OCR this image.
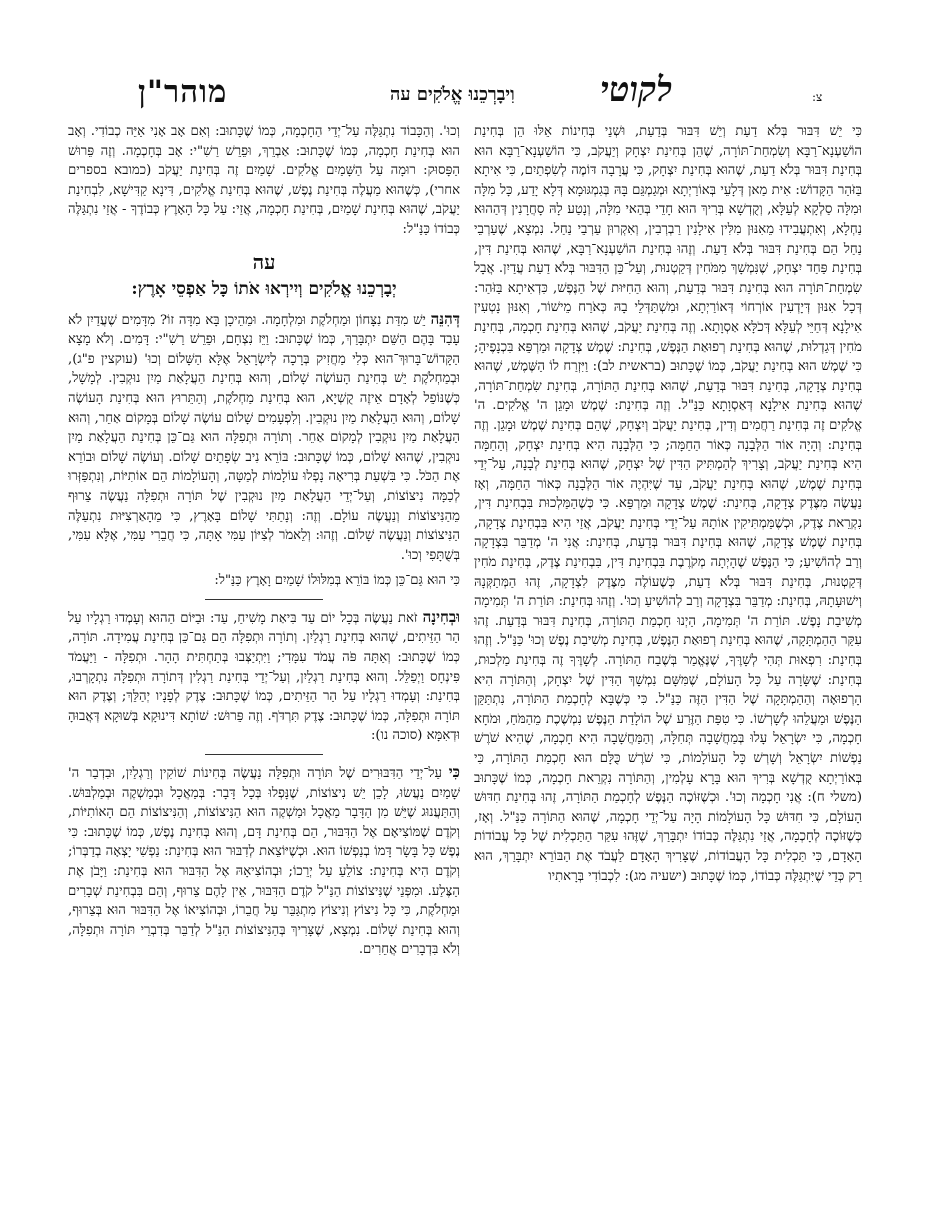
לקוטי	צ:
וִיבָרְכֵנוּ אֱלֹקִים עה
מוהר"ן

כִּי יֵשׁ דִּבּוּר בְּלֹא דַעַת וְיֵשׁ דִּבּוּר בְּדַעַת, וּשְׁנֵי בְּחִינוֹת אֵלּוּ הֵן בְּחִינַת הוֹשַׁעְנָא־רַבָּא וְשִׂמְחַת־תּוֹרָה, שֶׁהֵן בְּחִינַת יִצְחָק וְיַעֲקֹב, כִּי הוֹשַׁעְנָא־רַבָּא הוּא בְּחִינַת דִּבּוּר בְּלֹא דַעַת, שֶׁהוּא בְּחִינַת יִצְחָק, כִּי עֲרָבָה דּוֹמֶה לְשִׂפְתַיִם, כִּי אִיתָא בַּזֹּהַר הַקָּדוֹשׁ: אִית מַאן דְּלָעֵי בְּאוֹרַיְתָא וּמְגַמְגֵּם בָּהּ בְּגִמְגּוּמָא דְּלָא יָדַע, כָּל מִלָּה וּמִלָּה סַלְקָא לְעֵלָּא, וְקֻדְשָׁא בְּרִיךְ הוּא חָדֵי בְּהַאי מִלָּה, וְנָטַע לָהּ סָחֲרָנִין דְּהַהוּא נַחְלָא, וְאִתְעֲבִידוּ מֵאִנּוּן מִלִּין אִילָנִין רַבְרְבִין, וְאִקְרוּן עַרְבֵי נַחַל. נִמְצָא, שֶׁעַרְבֵי נַחַל הֵם בְּחִינַת דִּבּוּר בְּלֹא דַעַת. וְזֶהוּ בְּחִינַת הוֹשַׁעְנָא־רַבָּא, שֶׁהוּא בְּחִינַת דִּין, בְּחִינַת פַּחַד יִצְחָק, שֶׁנִּמְשָׁךְ מִמֹּחִין דְּקַטְנוּת, וְעַל־כֵּן הַדִּבּוּר בְּלֹא דַעַת עֲדַיִן. אֲבָל שִׂמְחַת־תּוֹרָה הוּא בְּחִינַת דִּבּוּר בְּדַעַת, וְהוּא הַחִיּוּת שֶׁל הַנֶּפֶשׁ, כִּדְאִיתָא בַּזֹּהַר: דְּכָל אִנּוּן דְּיָדְעִין אוֹרְחוֹי דְּאוֹרַיְתָא, וּמִשְׁתַּדְּלֵי בָהּ כְּאֹרַח מֵישׁוֹר, וְאִנּוּן נָטְעִין אִילָנָא דְּחַיֵּי לְעֵלָּא דְּכֹלָּא אַסְוָתָא. וְזֶה בְּחִינַת יַעֲקֹב, שֶׁהוּא בְּחִינַת חָכְמָה, בְּחִינַת מֹחִין דְּגַדְלוּת, שֶׁהוּא בְּחִינַת רְפוּאַת הַנֶּפֶשׁ, בְּחִינַת: שֶׁמֶשׁ צְדָקָה וּמַרְפֵּא בִּכְנָפֶיהָ; כִּי שֶׁמֶשׁ הוּא בְּחִינַת יַעֲקֹב, כְּמוֹ שֶׁכָּתוּב (בראשית לב): וַיִּזְרַח לוֹ הַשֶּׁמֶשׁ, שֶׁהוּא בְּחִינַת צְדָקָה, בְּחִינַת דִּבּוּר בְּדַעַת, שֶׁהוּא בְּחִינַת הַתּוֹרָה, בְּחִינַת שִׂמְחַת־תּוֹרָה, שֶׁהוּא בְּחִינַת אִילָנָא דְּאַסְוָתָא כַּנַּ"ל. וְזֶה בְּחִינַת: שֶׁמֶשׁ וּמָגֵן ה' אֱלֹקִים. ה' אֱלֹקִים זֶה בְּחִינַת רַחֲמִים וְדִין, בְּחִינַת יַעֲקֹב וְיִצְחָק, שֶׁהֵם בְּחִינַת שֶׁמֶשׁ וּמָגֵן. וְזֶה בְּחִינַת: וְהָיָה אוֹר הַלְּבָנָה כְּאוֹר הַחַמָּה; כִּי הַלְּבָנָה הִיא בְּחִינַת יִצְחָק, וְהַחַמָּה הִיא בְּחִינַת יַעֲקֹב, וְצָרִיךְ לְהַמְתִּיק הַדִּין שֶׁל יִצְחָק, שֶׁהוּא בְּחִינַת לְבָנָה, עַל־יְדֵי בְּחִינַת שֶׁמֶשׁ, שֶׁהוּא בְּחִינַת יַעֲקֹב, עַד שֶׁיִּהְיֶה אוֹר הַלְּבָנָה כְּאוֹר הַחַמָּה, וְאָז נַעֲשֶׂה מִצֶּדֶק צְדָקָה, בְּחִינַת: שֶׁמֶשׁ צְדָקָה וּמַרְפֵּא. כִּי כְּשֶׁהַמַּלְכוּת בִּבְחִינַת דִּין, נִקְרֵאת צֶדֶק, וּכְשֶׁמַּמְתִּיקִין אוֹתָהּ עַל־יְדֵי בְּחִינַת יַעֲקֹב, אֲזַי הִיא בִּבְחִינַת צְדָקָה, בְּחִינַת שֶׁמֶשׁ צְדָקָה, שֶׁהוּא בְּחִינַת דִּבּוּר בְּדַעַת, בְּחִינַת: אֲנִי ה' מְדַבֵּר בִּצְדָקָה וְרַב לְהוֹשִׁיעַ; כִּי הַנֶּפֶשׁ שֶׁהָיְתָה מְקֹרֶבֶת בִּבְחִינַת דִּין, בִּבְחִינַת צֶדֶק, בְּחִינַת מֹחִין דְּקַטְנוּת, בְּחִינַת דִּבּוּר בְּלֹא דַעַת, כְּשֶׁעוֹלֶה מִצֶּדֶק לִצְדָקָה, זֶהוּ הַמְּתַקְּנָהּ וְישׁוּעָתָהּ, בְּחִינַת: מְדַבֵּר בִּצְדָקָה וְרַב לְהוֹשִׁיעַ וְכוּ'. וְזֶהוּ בְּחִינַת: תּוֹרַת ה' תְּמִימָה מְשִׁיבַת נָפֶשׁ. תּוֹרַת ה' תְּמִימָה, הַיְנוּ חָכְמַת הַתּוֹרָה, בְּחִינַת דִּבּוּר בְּדַעַת. זֶהוּ עִקַּר הַהַמְתָּקָה, שֶׁהוּא בְּחִינַת רְפוּאַת הַנֶּפֶשׁ, בְּחִינַת מְשִׁיבַת נֶפֶשׁ וְכוּ' כַּנַּ"ל. וְזֶהוּ בְּחִינַת: רִפְאוּת תְּהִי לְשָׁרֶּךָ, שֶׁנֶּאֱמַר בְּשֶׁבַח הַתּוֹרָה. לְשָׁרֶּךָ זֶה בְּחִינַת מַלְכוּת, בְּחִינַת: שֶׁשָּׂרָה עַל כָּל הָעוֹלָם, שֶׁמִּשָּׁם נִמְשָׁךְ הַדִּין שֶׁל יִצְחָק, וְהַתּוֹרָה הִיא הָרְפוּאָה וְהַהַמְתָּקָה שֶׁל הַדִּין הַזֶּה כַּנַּ"ל. כִּי כְּשֶׁבָּא לְחָכְמַת הַתּוֹרָה, נִתְתַּקֵּן הַנֶּפֶשׁ וּמַעֲלֵהוּ לְשָׁרְשׁוֹ. כִּי טִפַּת הַזֶּרַע שֶׁל הוֹלָדַת הַנֶּפֶשׁ נִמְשֶׁכֶת מֵהַמֹּחַ, וּמֹחָא חָכְמָה, כִּי יִשְׂרָאֵל עָלוּ בְּמַחֲשָׁבָה תְּחִלָּה, וְהַמַּחֲשָׁבָה הִיא חָכְמָה, שֶׁהִיא שֹׁרֶשׁ נַפְשׁוֹת יִשְׂרָאֵל וְשָׁרְשׁ כָּל הָעוֹלָמוֹת, כִּי שֹׁרֶשׁ כֻּלָּם הוּא חָכְמַת הַתּוֹרָה, כִּי בְּאוֹרַיְתָא קֻדְשָׁא בְּרִיךְ הוּא בָּרָא עָלְמִין, וְהַתּוֹרָה נִקְרֵאת חָכְמָה, כְּמוֹ שֶׁכָּתוּב (משלי ח): אֲנִי חָכְמָה וְכוּ'. וּכְשֶׁזּוֹכֶה הַנֶּפֶשׁ לְחָכְמַת הַתּוֹרָה, זֶהוּ בְּחִינַת חִדּוּשׁ הָעוֹלָם, כִּי חִדּוּשׁ כָּל הָעוֹלָמוֹת הָיָה עַל־יְדֵי חָכְמָה, שֶׁהוּא הַתּוֹרָה כַּנַּ"ל. וְאָז, כְּשֶׁזּוֹכֶה לְחָכְמָה, אֲזַי נִתְגַּלֶּה כְּבוֹדוֹ יִתְבָּרַךְ, שֶׁזֶּהוּ עִקַּר הַתַּכְלִית שֶׁל כָּל עֲבוֹדוֹת הָאָדָם, כִּי תַּכְלִית כָּל הָעֲבוֹדוֹת, שֶׁצָּרִיךְ הָאָדָם לַעֲבֹד אֶת הַבּוֹרֵא יִתְבָּרַךְ, הוּא רַק כְּדֵי שֶׁיִּתְגַּלֶּה כְּבוֹדוֹ, כְּמוֹ שֶׁכָּתוּב (ישעיה מג): לִכְבוֹדִי בְּרָאתִיו

וְכוּ'. וְהַכָּבוֹד נִתְגַּלֶּה עַל־יְדֵי הַחָכְמָה, כְּמוֹ שֶׁכָּתוּב: וְאִם אָב אָנִי אַיֵּה כְבוֹדִי. וְאָב הוּא בְּחִינַת חָכְמָה, כְּמוֹ שֶׁכָּתוּב: אַבְרֵךְ, וּפֵרֵשׁ רַשִׁ"י: אָב בְּחָכְמָה. וְזֶה פֵּרוּשׁ הַפָּסוּק: רוּמָה עַל הַשָּׁמַיִם אֱלֹקִים. שָׁמַיִם זֶה בְּחִינַת יַעֲקֹב (כמובא בספרים אחרי), כְּשֶׁהוּא מַעֲלֶה בְּחִינַת נֶפֶשׁ, שֶׁהוּא בְּחִינַת אֱלֹקִים, דִּינָא קַדִּישָׁא, לִבְחִינַת יַעֲקֹב, שֶׁהוּא בְּחִינַת שָׁמַיִם, בְּחִינַת חָכְמָה, אֲזַי: עַל כָּל הָאָרֶץ כְּבוֹדֶךָ - אֲזַי נִתְגַּלֶּה כְּבוֹדוֹ כַּנַּ"ל:

עה
יְבָרְכֵנוּ אֱלֹקִים וְיִירְאוּ אֹתוֹ כָּל אַפְסֵי אָרֶץ:

דְּהִנֵּה יֵשׁ מִדַּת נִצָּחוֹן וּמַחְלֹקֶת וּמִלְחָמָה. וּמֵהֵיכָן בָּא מִדָּה זוֹ? מִדָּמִים שֶׁעֲדַיִן לֹא עָבַד בָּהֶם הַשֵּׁם יִתְבָּרַךְ, כְּמוֹ שֶׁכָּתוּב: וַיֵּז נִצְחָם, וּפֵרֵשׁ רַשִׁ"י: דָּמִים. וְלֹא מָצָא הַקָּדוֹשׁ־בָּרוּךְ־הוּא כְּלִי מַחֲזִיק בְּרָכָה לְיִשְׂרָאֵל אֶלָּא הַשָּׁלוֹם וְכוּ' (עוקצין פ"ג), וּבְמַחְלֹקֶת יֵשׁ בְּחִינַת הָעוֹשֶׂה שָׁלוֹם, וְהוּא בְּחִינַת הַעֲלָאַת מַיִן נוּקְבִין. לְמָשָׁל, כְּשֶׁנּוֹפֵל לְאָדָם אֵיזֶה קֻשְׁיָא, הוּא בְּחִינַת מַחְלֹקֶת, וְהַתֵּרוּץ הוּא בְּחִינַת הָעוֹשֶׂה שָׁלוֹם, וְהוּא הַעֲלָאַת מַיִן נוּקְבִין. וְלִפְעָמִים שָׁלוֹם עוֹשֶׂה שָׁלוֹם בְּמָקוֹם אַחֵר, וְהוּא הַעֲלָאַת מַיִן נוּקְבִין לְמָקוֹם אַחֵר. וְתוֹרָה וּתְפִלָּה הוּא גַּם־כֵּן בְּחִינַת הַעֲלָאַת מַיִן נוּקְבִין, שֶׁהוּא שָׁלוֹם, כְּמוֹ שֶׁכָּתוּב: בּוֹרֵא נִיב שְׂפָתַיִם שָׁלוֹם. וְעוֹשֶׂה שָׁלוֹם וּבוֹרֵא אֶת הַכֹּל. כִּי בִּשְׁעַת בְּרִיאָה נָפְלוּ עוֹלָמוֹת לְמַטָּה, וְהָעוֹלָמוֹת הֵם אוֹתִיּוֹת, וְנִתְפַּזְּרוּ לְכַמָּה נִיצוֹצוֹת, וְעַל־יְדֵי הַעֲלָאַת מַיִן נוּקְבִין שֶׁל תּוֹרָה וּתְפִלָּה נַעֲשֶׂה צֵרוּף מֵהַנִּיצוֹצוֹת וְנַעֲשֶׂה עוֹלָם. וְזֶה: וְנָתַתִּי שָׁלוֹם בָּאָרֶץ, כִּי מֵהָאַרְצִיּוּת נִתְעַלֶּה הַנִּיצוֹצוֹת וְנַעֲשֶׂה שָׁלוֹם. וְזֶהוּ: וְלֵאמֹר לְצִיּוֹן עַמִּי אָתָּה, כִּי חֲבֵרִי עַמִּי, אֶלָּא עִמִּי, בְּשֻׁתָּפִי וְכוּ'.

כִּי הוּא גַּם־כֵּן כְּמוֹ בּוֹרֵא בְּמִלּוּלוֹ שָׁמַיִם וָאָרֶץ כַּנַּ"ל:

וּבְחִינָה זֹאת נַעֲשֶׂה בְּכָל יוֹם עַד בִּיאַת מָשִׁיחַ, עַד: וּבַיּוֹם הַהוּא וְעָמְדוּ רַגְלָיו עַל הַר הַזֵּיתִים, שֶׁהוּא בְּחִינַת רַגְלַיִן. וְתוֹרָה וּתְפִלָּה הֵם גַּם־כֵּן בְּחִינַת עֲמִידָה. תּוֹרָה, כְּמוֹ שֶׁכָּתוּב: וְאַתָּה פֹּה עֲמֹד עִמָּדִי; וַיִּתְיַצְּבוּ בְּתַחְתִּית הָהָר. וּתְפִלָּה - וַיַּעֲמֹד פִּינְחָס וַיְפַלֵּל. וְהוּא בְּחִינַת רַגְלַיִן, וְעַל־יְדֵי בְּחִינַת רַגְלִין דְּתוֹרָה וּתְפִלָּה נִתְקָרְבוּ, בְּחִינַת: וְעָמְדוּ רַגְלָיו עַל הַר הַזֵּיתִים, כְּמוֹ שֶׁכָּתוּב: צֶדֶק לְפָנָיו יְהַלֵּךְ; וְצֶדֶק הוּא תּוֹרָה וּתְפִלָּה, כְּמוֹ שֶׁכָּתוּב: צֶדֶק תִּרְדֹּף. וְזֶה פֵּרוּשׁ: שׁוֹתָא דִּינוּקָא בְּשׁוּקָא דְּאֲבוּהָ וּדְאִמָּא (סוכה נו):

כִּי עַל־יְדֵי הַדִּבּוּרִים שֶׁל תּוֹרָה וּתְפִלָּה נַעֲשֶׂה בְּחִינוֹת שׁוֹקִין וְרַגְלַיִן, וּבִדְבַר ה' שָׁמַיִם נַעֲשׂוּ, לָכֵן יֵשׁ נִיצוֹצוֹת, שֶׁנָּפְלוּ בְּכָל דָּבָר: בְּמַאֲכָל וּבְמַשְׁקֶה וּבְמַלְבּוּשׁ. וְהַתַּעֲנוּג שֶׁיֵּשׁ מִן הַדָּבָר מַאֲכָל וּמַשְׁקֶה הוּא הַנִּיצוֹצוֹת, וְהַנִּיצוֹצוֹת הֵם הָאוֹתִיּוֹת, וְקֹדֶם שֶׁמּוֹצִיאָם אֶל הַדִּבּוּר, הֵם בְּחִינַת דָּם, וְהוּא בְּחִינַת נֶפֶשׁ, כְּמוֹ שֶׁכָּתוּב: כִּי נֶפֶשׁ כָּל בָּשָׂר דָּמוֹ בְנַפְשׁוֹ הוּא. וּכְשֶׁיּוֹצֵאת לְדִבּוּר הוּא בְּחִינַת: נַפְשִׁי יָצְאָה בְדַבְּרוֹ; וְקֹדֶם הִיא בְּחִינַת: צוֹלֵעַ עַל יְרֵכוֹ; וּבְהוֹצִיאָהּ אֶל הַדִּבּוּר הוּא בְּחִינַת: וַיָּבֹן אֶת הַצֶּלַע. וּמִפְּנֵי שֶׁנִּיצוֹצוֹת הַנַּ"ל קֹדֶם הַדִּבּוּר, אֵין לָהֶם צֵרוּף, וְהֵם בִּבְחִינַת שְׁבָרִים וּמַחְלֹקֶת, כִּי כָּל נִיצוֹץ וְנִיצוֹץ מִתְגַּבֵּר עַל חֲבֵרוֹ, וּבְהוֹצִיאוֹ אֶל הַדִּבּוּר הוּא בְּצֵרוּף, וְהוּא בְּחִינַת שָׁלוֹם. נִמְצָא, שֶׁצָּרִיךְ בְּהַנִּיצוֹצוֹת הַנַּ"ל לְדַבֵּר בְּדִבְרֵי תּוֹרָה וּתְפִלָּה, וְלֹא בִּדְבָרִים אֲחֵרִים.
